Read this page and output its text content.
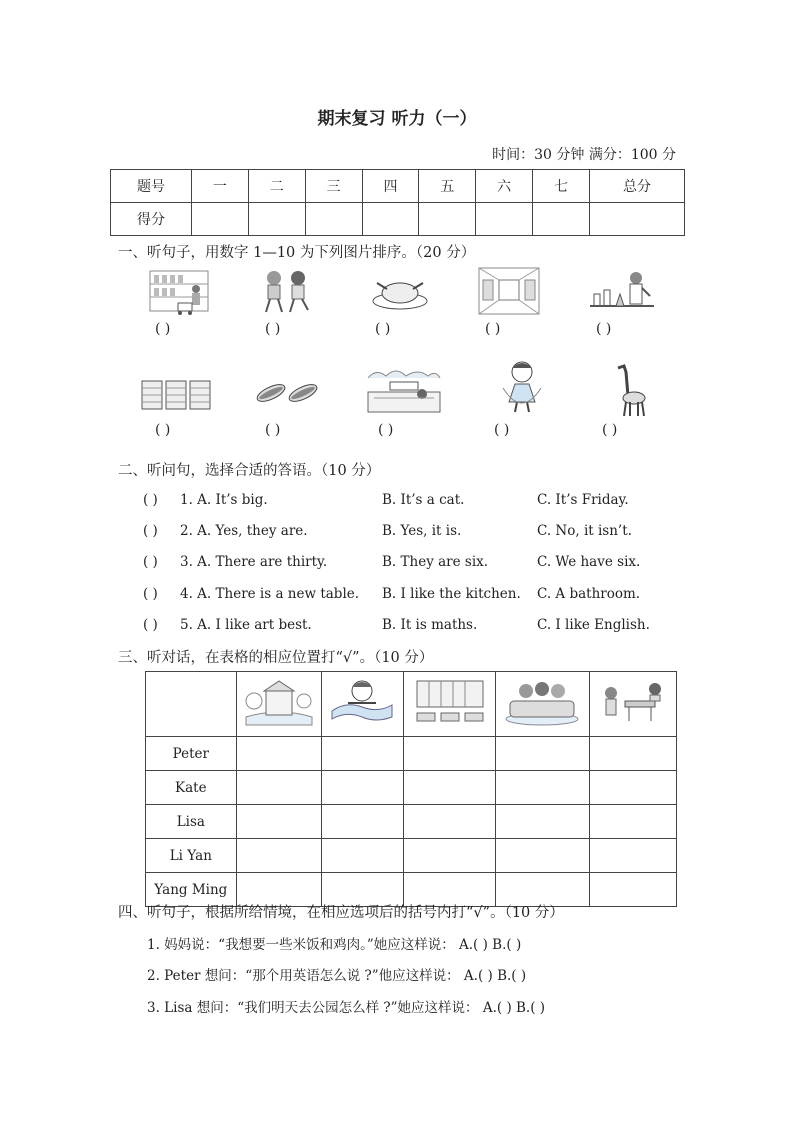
期末复习 听力（一）
时间：30 分钟 满分：100 分
题号	一	二	三	四	五	六	七	总分
得分								
一、听句子，用数字 1—10 为下列图片排序。（20 分）
( )	( )	( )	( )	( )
( )	( )	( )	( )	( )
二、听问句，选择合适的答语。（10 分）
( ) 1. A. It’s big.	B. It’s a cat.	C. It’s Friday.
( ) 2. A. Yes, they are.	B. Yes, it is.	C. No, it isn’t.
( ) 3. A. There are thirty.	B. They are six.	C. We have six.
( ) 4. A. There is a new table. B. I like the kitchen. C. A bathroom.
( ) 5. A. I like art best.	B. It is maths.	C. I like English.
三、听对话，在表格的相应位置打“√”。（10 分）

Peter					
Kate					
Lisa					
Li Yan					
Yang Ming					
四、听句子，根据所给情境，在相应选项后的括号内打“√”。（10 分）
1. 妈妈说：“我想要一些米饭和鸡肉。”她应这样说： A.( ) B.( )
2. Peter 想问：“那个用英语怎么说 ?”他应这样说： A.( ) B.( )
3. Lisa 想问：“我们明天去公园怎么样 ?”她应这样说： A.( ) B.( )
